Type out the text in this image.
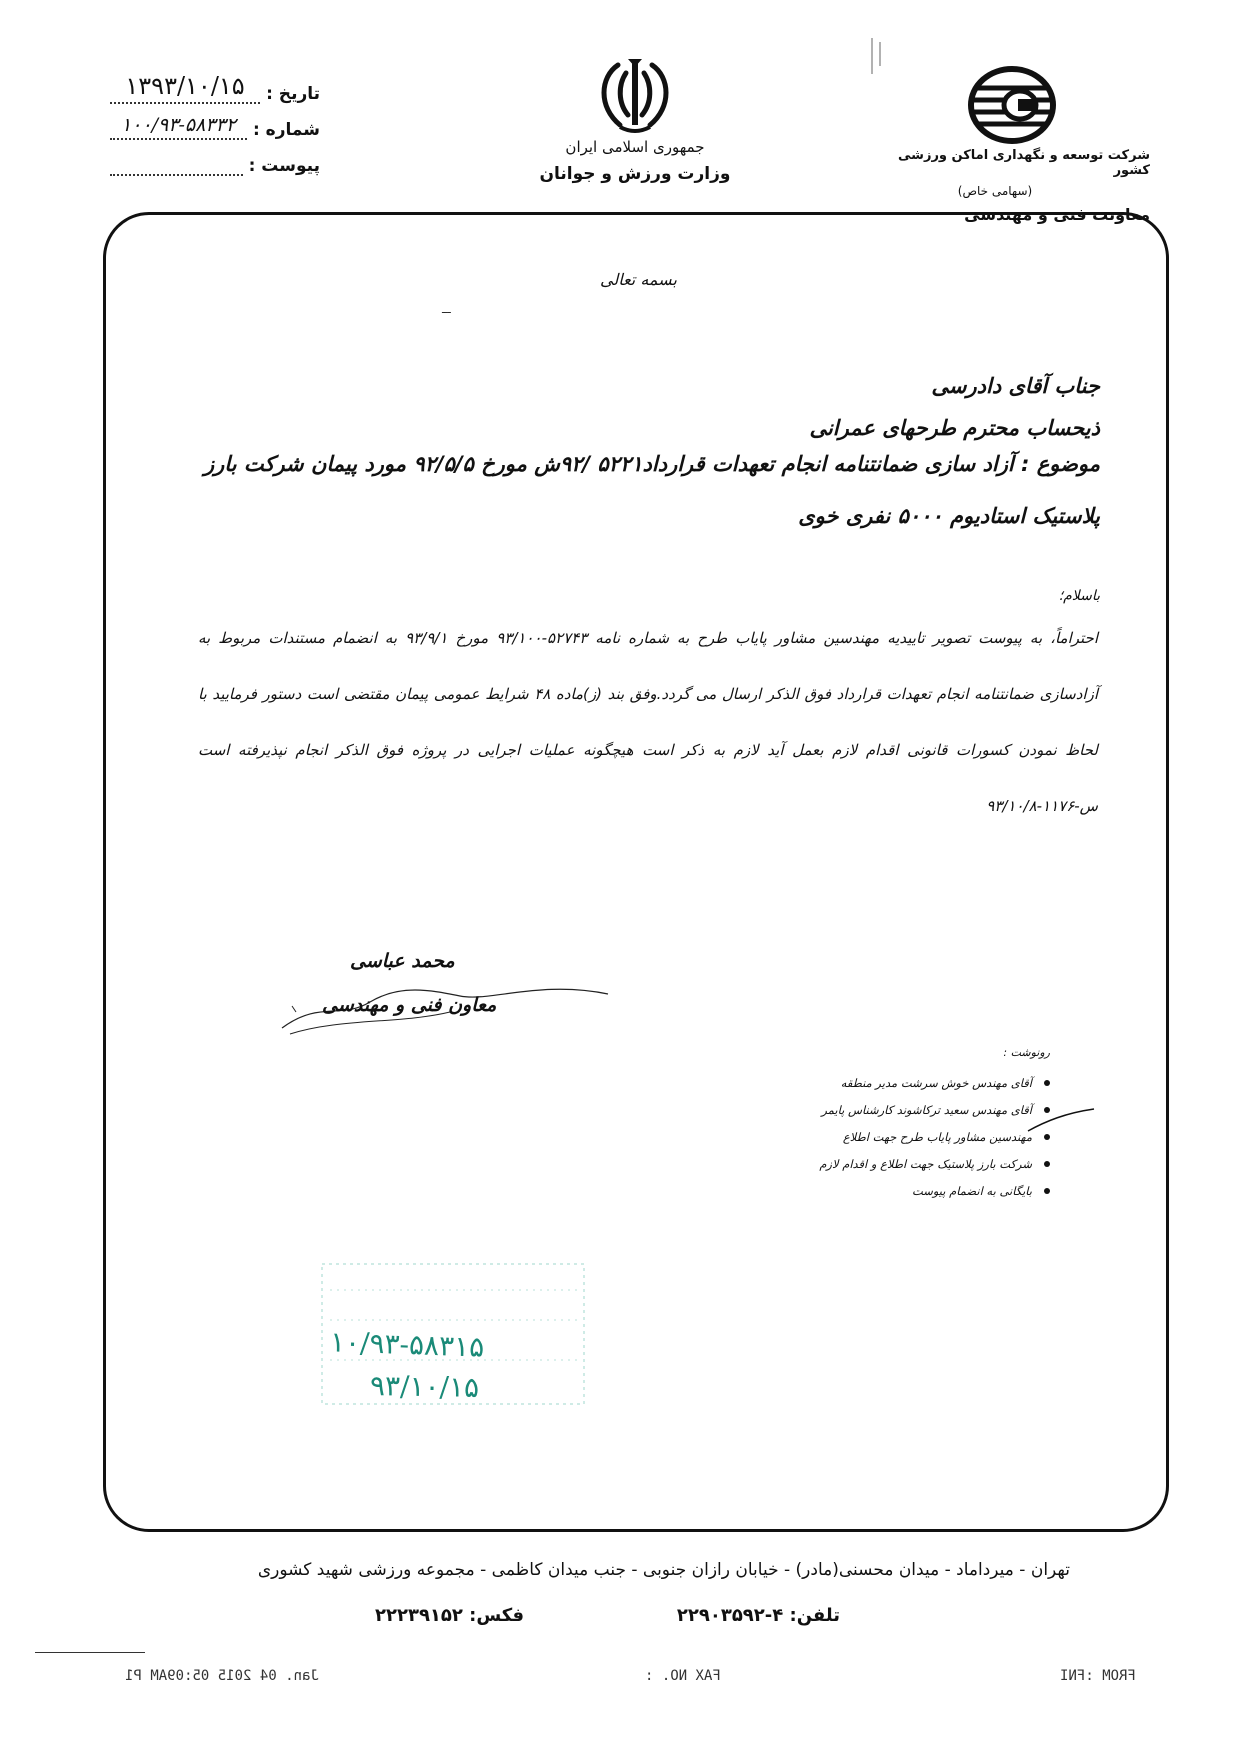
تاریخ :
۱۳۹۳/۱۰/۱۵
شماره :
۱۰۰/۹۳-۵۸۳۳۲
پیوست :
جمهوری اسلامی ایران
وزارت ورزش و جوانان
شرکت توسعه و نگهداری اماکن ورزشی کشور
(سهامی خاص)
معاونت فنی و مهندسی
بسمه تعالی
ـــ
جناب آقای دادرسی
ذیحساب محترم طرحهای عمرانی
موضوع : آزاد سازی ضمانتنامه انجام تعهدات قرارداد۵۲۲۱ /۹۲ش مورخ ۹۲/۵/۵ مورد پیمان شرکت بارز پلاستیک استادیوم ۵۰۰۰ نفری خوی
باسلام؛
احتراماً، به پیوست تصویر تاییدیه مهندسین مشاور پایاب طرح به شماره نامه ۵۲۷۴۳-۹۳/۱۰۰ مورخ ۹۳/۹/۱ به انضمام مستندات مربوط به آزادسازی ضمانتنامه انجام تعهدات قرارداد فوق الذکر ارسال می گردد.وفق بند (ز)ماده ۴۸ شرایط عمومی پیمان مقتضی است دستور فرمایید با لحاظ نمودن کسورات قانونی اقدام لازم بعمل آید لازم به ذکر است هیچگونه عملیات اجرایی در پروژه فوق الذکر انجام نپذیرفته است س-۱۱۷۶-۹۳/۱۰/۸
محمد عباسی
معاون فنی و مهندسی
رونوشت :
آقای مهندس خوش سرشت مدیر منطقه
آقای مهندس سعید ترکاشوند کارشناس پایمر
مهندسین مشاور پایاب طرح جهت اطلاع
شرکت بارز پلاستیک جهت اطلاع و اقدام لازم
بایگانی به انضمام پیوست
۱۰/۹۳-۵۸۳۱۵
۹۳/۱۰/۱۵
تهران - میرداماد - میدان محسنی(مادر) - خیابان رازان جنوبی - جنب میدان کاظمی - مجموعه ورزشی شهید کشوری
تلفن: ۴-۲۲۹۰۳۵۹۲
فکس: ۲۲۲۳۹۱۵۲
Jan. 04 2015 05:09AM P1	FAX NO. :	FROM :FNI
